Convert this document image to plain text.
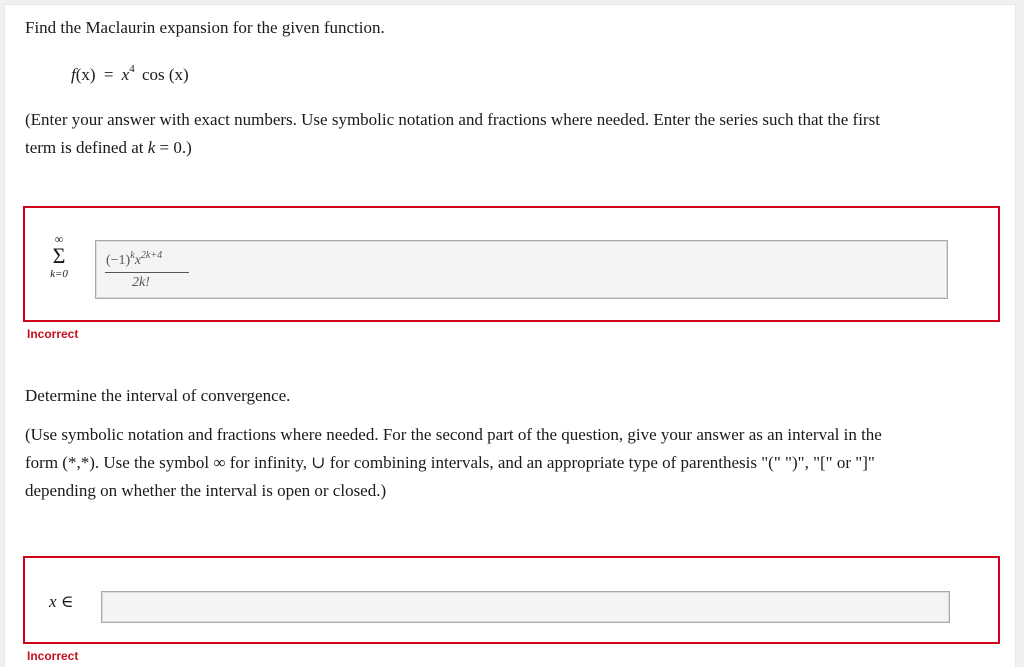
Find the Maclaurin expansion for the given function.
$f(x) = x^4$ cos (x)
(Enter your answer with exact numbers. Use symbolic notation and fractions where needed. Enter the series such that the first
term is defined at k = 0.)
∞
Σ
k=0
$(-1)^kx^{2k+4}$
2k!
Incorrect
Determine the interval of convergence.
(Use symbolic notation and fractions where needed. For the second part of the question, give your answer as an interval in the
form (*,*). Use the symbol ∞ for infinity, ∪ for combining intervals, and an appropriate type of parenthesis "(" ")", "[" or "]"
depending on whether the interval is open or closed.)
x ∈
Incorrect
